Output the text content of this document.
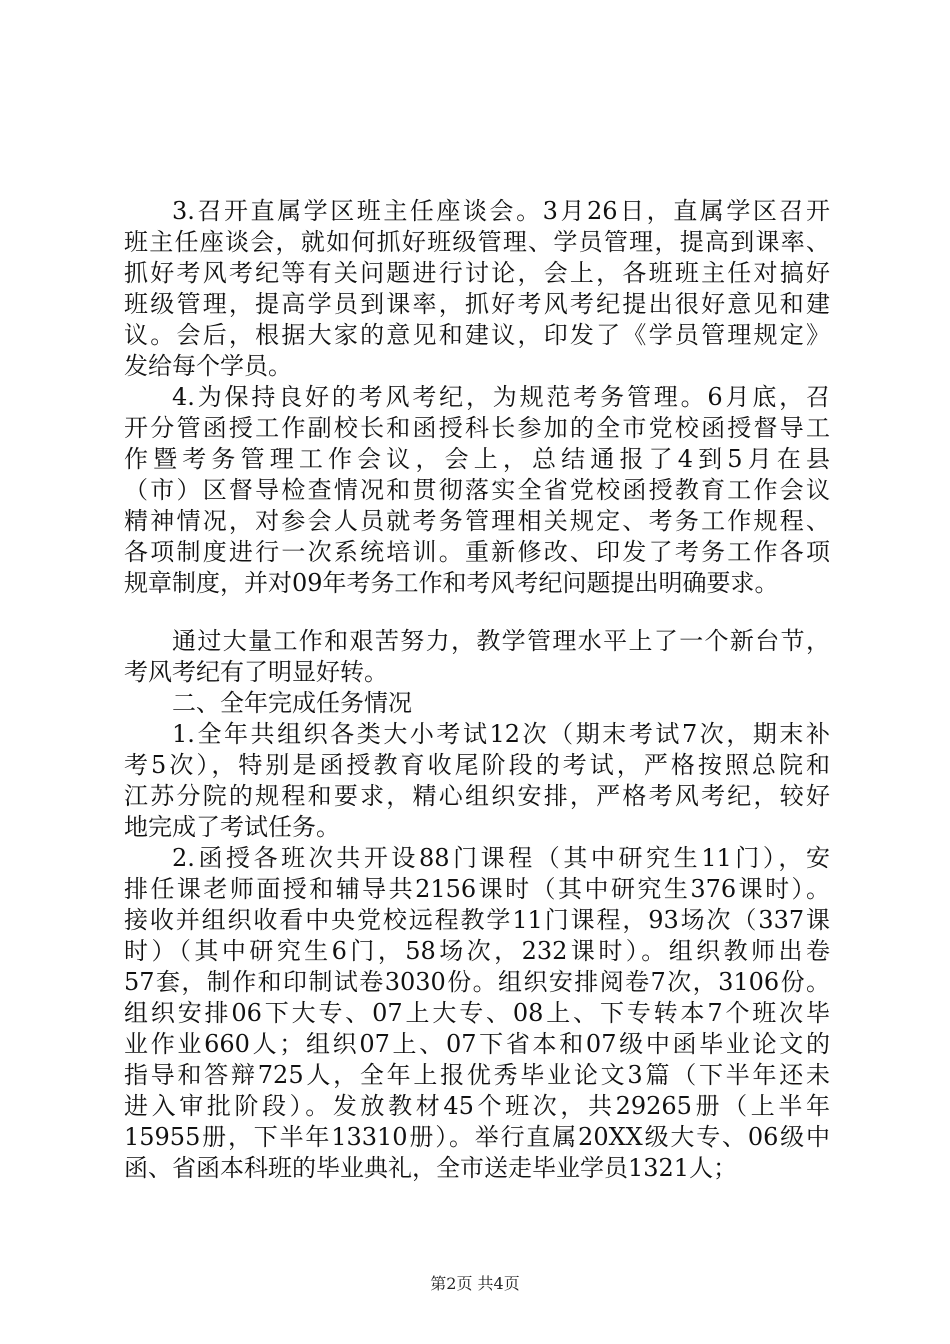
3.召开直属学区班主任座谈会。3月26日，直属学区召开
班主任座谈会，就如何抓好班级管理、学员管理，提高到课率、
抓好考风考纪等有关问题进行讨论，会上，各班班主任对搞好
班级管理，提高学员到课率，抓好考风考纪提出很好意见和建
议。会后，根据大家的意见和建议，印发了《学员管理规定》
发给每个学员。
4.为保持良好的考风考纪，为规范考务管理。6月底，召
开分管函授工作副校长和函授科长参加的全市党校函授督导工
作暨考务管理工作会议，会上，总结通报了4到5月在县
（市）区督导检查情况和贯彻落实全省党校函授教育工作会议
精神情况，对参会人员就考务管理相关规定、考务工作规程、
各项制度进行一次系统培训。重新修改、印发了考务工作各项
规章制度，并对09年考务工作和考风考纪问题提出明确要求。
通过大量工作和艰苦努力，教学管理水平上了一个新台节，
考风考纪有了明显好转。
二、全年完成任务情况
1.全年共组织各类大小考试12次（期末考试7次，期末补
考5次），特别是函授教育收尾阶段的考试，严格按照总院和
江苏分院的规程和要求，精心组织安排，严格考风考纪，较好
地完成了考试任务。
2.函授各班次共开设88门课程（其中研究生11门），安
排任课老师面授和辅导共2156课时（其中研究生376课时）。
接收并组织收看中央党校远程教学11门课程，93场次（337课
时）（其中研究生6门，58场次，232课时）。组织教师出卷
57套，制作和印制试卷3030份。组织安排阅卷7次，3106份。
组织安排06下大专、07上大专、08上、下专转本7个班次毕
业作业660人；组织07上、07下省本和07级中函毕业论文的
指导和答辩725人，全年上报优秀毕业论文3篇（下半年还未
进入审批阶段）。发放教材45个班次，共29265册（上半年
15955册，下半年13310册）。举行直属20XX级大专、06级中
函、省函本科班的毕业典礼，全市送走毕业学员1321人；
第2页 共4页
